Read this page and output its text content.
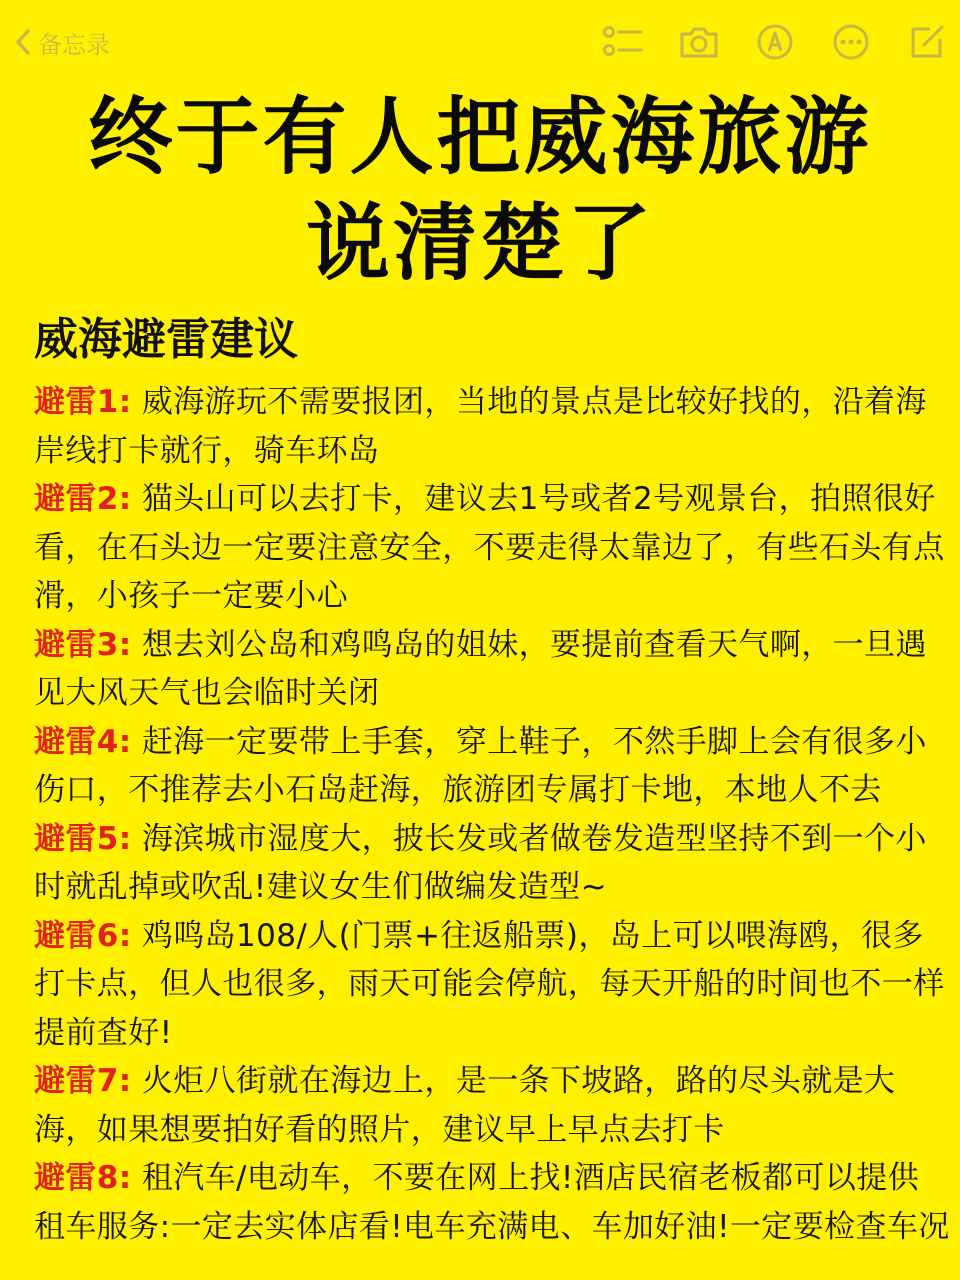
备忘录
终于有人把威海旅游
说清楚了
威海避雷建议

避雷1: 威海游玩不需要报团，当地的景点是比较好找的，沿着海岸线打卡就行，骑车环岛

避雷2: 猫头山可以去打卡，建议去1号或者2号观景台，拍照很好看，在石头边一定要注意安全，不要走得太靠边了，有些石头有点滑，小孩子一定要小心

避雷3: 想去刘公岛和鸡鸣岛的姐妹，要提前查看天气啊，一旦遇见大风天气也会临时关闭

避雷4: 赶海一定要带上手套，穿上鞋子，不然手脚上会有很多小伤口，不推荐去小石岛赶海，旅游团专属打卡地，本地人不去

避雷5: 海滨城市湿度大，披长发或者做卷发造型坚持不到一个小时就乱掉或吹乱!建议女生们做编发造型~

避雷6: 鸡鸣岛108/人(门票+往返船票)，岛上可以喂海鸥，很多打卡点，但人也很多，雨天可能会停航，每天开船的时间也不一样提前查好!

避雷7: 火炬八街就在海边上，是一条下坡路，路的尽头就是大海，如果想要拍好看的照片，建议早上早点去打卡

避雷8: 租汽车/电动车，不要在网上找!酒店民宿老板都可以提供租车服务:一定去实体店看!电车充满电、车加好油!一定要检查车况
